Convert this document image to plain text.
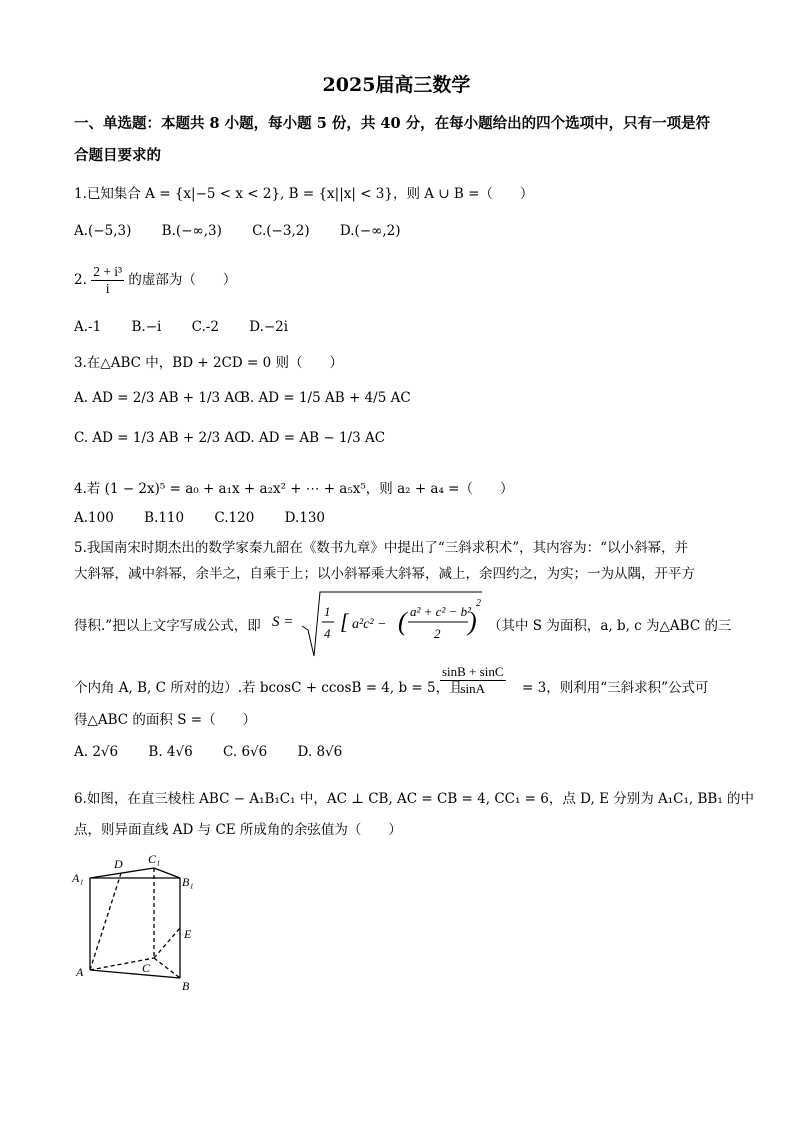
2025届高三数学
一、单选题：本题共 8 小题，每小题 5 份，共 40 分，在每小题给出的四个选项中，只有一项是符合题目要求的
1.已知集合 A = {x|−5 < x < 2}, B = {x||x| < 3}，则 A ∪ B =（　　）
A.(−5,3) B.(−∞,3) C.(−3,2) D.(−∞,2)
2. $\frac{\text{2 + i³}}{i}$ 的虚部为（　　）
A.-1 B.−i C.-2 D.−2i
3.在△ABC 中，BD + 2CD = 0 则（　　）
A. AD = 2/3 AB + 1/3 AC
B. AD = 1/5 AB + 4/5 AC
C. AD = 1/3 AB + 2/3 AC
D. AD = AB − 1/3 AC
4.若 (1 − 2x)⁵ = a₀ + a₁x + a₂x² + ⋯ + a₅x⁵，则 a₂ + a₄ =（　　）
A.100 B.110 C.120 D.130
5.我国南宋时期杰出的数学家秦九韶在《数书九章》中提出了“三斜求积术”，其内容为：“以小斜幂，并
大斜幂，减中斜幂，余半之，自乘于上；以小斜幂乘大斜幂，减上，余四约之，为实；一为从隅，开平方
得积.”把以上文字写成公式，即 S =
1
4 [ a²c² − ( a² + c² − b²
2 )
2
（其中 S 为面积，a, b, c 为△ABC 的三
个内角 A, B, C 所对的边）.若 bcosC + ccosB = 4, b = 5，且
$\frac{\sin B + \sin C}{\sin A} = 3$，则利用“三斜求积”公式可
得△ABC 的面积 S =（　　）
A. 2√6 B. 4√6 C. 6√6 D. 8√6
6.如图，在直三棱柱 ABC − A₁B₁C₁ 中，AC ⊥ CB, AC = CB = 4, CC₁ = 6，点 D, E 分别为 A₁C₁, BB₁ 的中
点，则异面直线 AD 与 CE 所成角的余弦值为（　　）
A₁
D C₁
B₁
E
A	C
B
